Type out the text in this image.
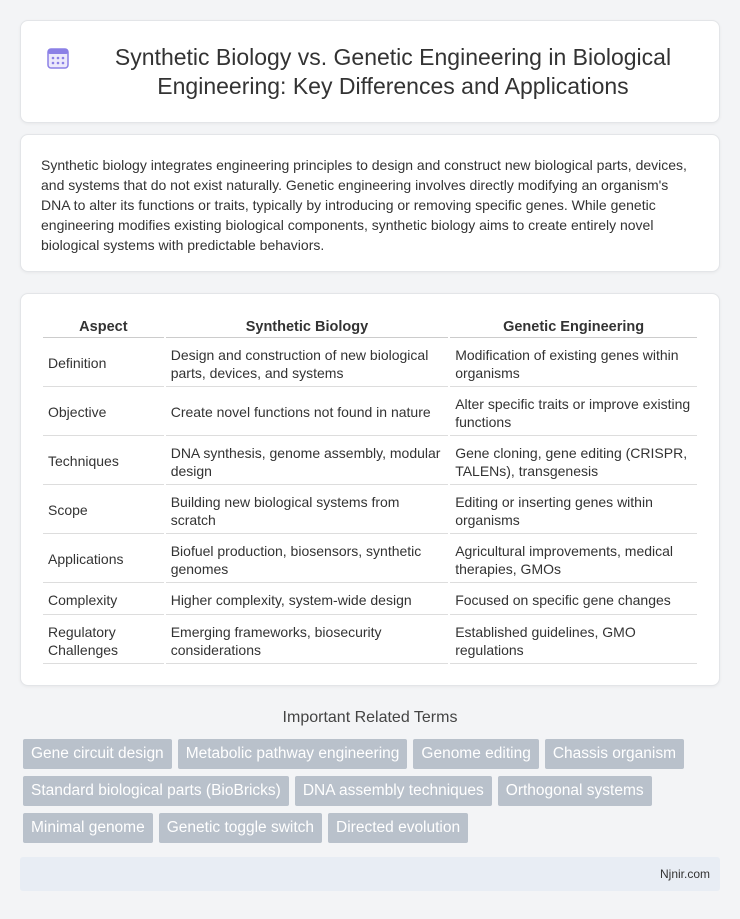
Synthetic Biology vs. Genetic Engineering in Biological Engineering: Key Differences and Applications

Synthetic biology integrates engineering principles to design and construct new biological parts, devices, and systems that do not exist naturally. Genetic engineering involves directly modifying an organism's DNA to alter its functions or traits, typically by introducing or removing specific genes. While genetic engineering modifies existing biological components, synthetic biology aims to create entirely novel biological systems with predictable behaviors.

Aspect	Synthetic Biology	Genetic Engineering
Definition	Design and construction of new biological parts, devices, and systems	Modification of existing genes within organisms
Objective	Create novel functions not found in nature	Alter specific traits or improve existing functions
Techniques	DNA synthesis, genome assembly, modular design	Gene cloning, gene editing (CRISPR, TALENs), transgenesis
Scope	Building new biological systems from scratch	Editing or inserting genes within organisms
Applications	Biofuel production, biosensors, synthetic genomes	Agricultural improvements, medical therapies, GMOs
Complexity	Higher complexity, system-wide design	Focused on specific gene changes
Regulatory Challenges	Emerging frameworks, biosecurity considerations	Established guidelines, GMO regulations
Important Related Terms
Gene circuit design	Metabolic pathway engineering	Genome editing	Chassis organism
Standard biological parts (BioBricks)	DNA assembly techniques	Orthogonal systems
Minimal genome	Genetic toggle switch	Directed evolution
Njnir.com
